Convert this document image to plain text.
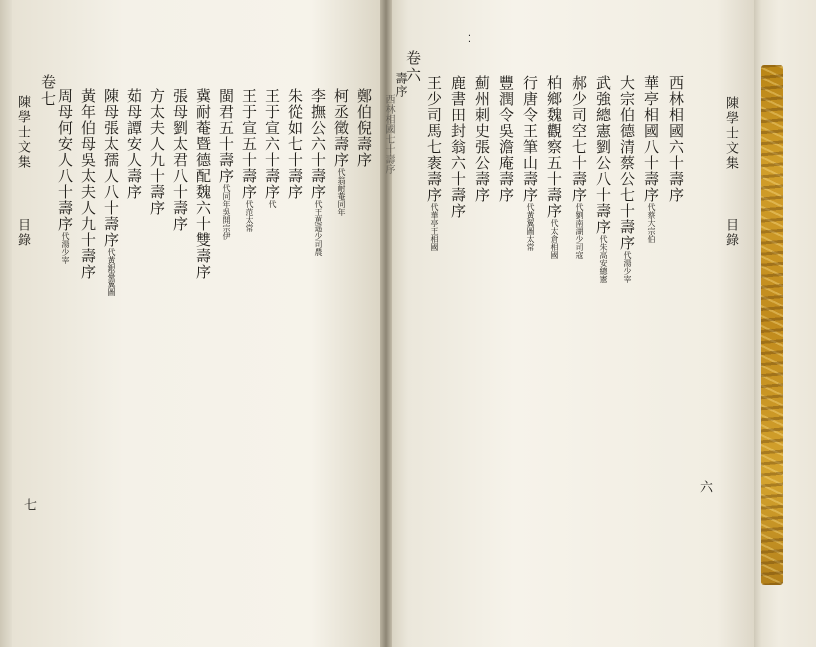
陳學士文集
目錄
⁚
西林相國六十壽序
華亭相國八十壽序代蔡大宗伯
大宗伯德清蔡公七十壽序代湯少宰
武強總憲劉公八十壽序代朱高安總憲
郝少司空七十壽序代劉南湖少司寇
柏鄉魏觀察五十壽序代太倉相國
行唐令王筆山壽序代黃翼圖太常
豐潤令吳澹庵壽序
薊州刺史張公壽序
鹿書田封翁六十壽序
王少司馬七袠壽序代華亭王相國
卷六
壽序
西林相國七十壽序
六
鄭伯倪壽序
柯丞徵壽序代翁耐菴同年
李撫公六十壽序代王葸遥少司農
朱從如七十壽序
王于宣六十壽序代
王于宣五十壽序代范太常
閩君五十壽序代同年吳開宗伊
冀耐菴暨德配魏六十雙壽序
張母劉太君八十壽序
方太夫人九十壽序
茹母譚安人壽序
陳母張太孺人八十壽序代黃銀臺翼圖
黃年伯母吳太夫人九十壽序
周母何安人八十壽序代湯少宰
卷七
陳學士文集
目錄
七
